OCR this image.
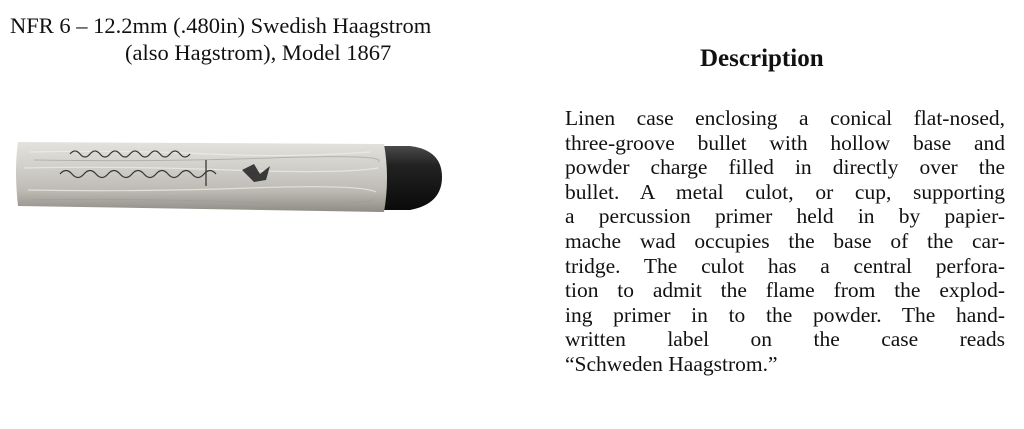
NFR 6 – 12.2mm (.480in) Swedish Haagstrom
(also Hagstrom), Model 1867	Description
Linen case enclosing a conical flat-nosed,
three-groove bullet with hollow base and
powder charge filled in directly over the
bullet. A metal culot, or cup, supporting
a percussion primer held in by papier-
mache wad occupies the base of the car-
tridge. The culot has a central perfora-
tion to admit the flame from the explod-
ing primer in to the powder. The hand-
written label on the case reads
“Schweden Haagstrom.”
